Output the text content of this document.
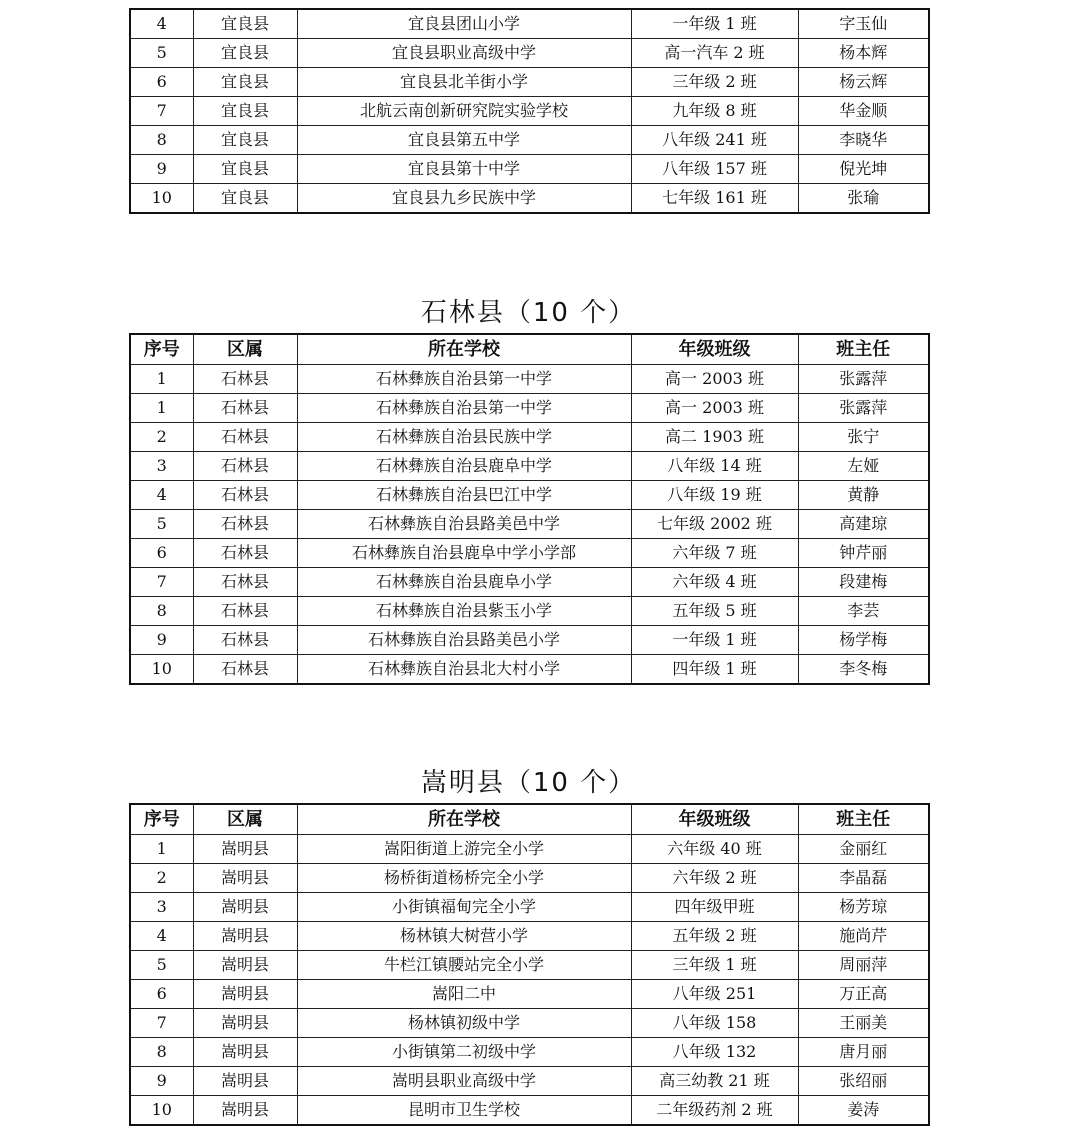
4	宜良县	宜良县团山小学	一年级 1 班	字玉仙
5	宜良县	宜良县职业高级中学	高一汽车 2 班	杨本辉
6	宜良县	宜良县北羊街小学	三年级 2 班	杨云辉
7	宜良县	北航云南创新研究院实验学校	九年级 8 班	华金顺
8	宜良县	宜良县第五中学	八年级 241 班	李晓华
9	宜良县	宜良县第十中学	八年级 157 班	倪光坤
10	宜良县	宜良县九乡民族中学	七年级 161 班	张瑜
石林县（10 个）
序号	区属	所在学校	年级班级	班主任
1	石林县	石林彝族自治县第一中学	高一 2003 班	张露萍
1	石林县	石林彝族自治县第一中学	高一 2003 班	张露萍
2	石林县	石林彝族自治县民族中学	高二 1903 班	张宁
3	石林县	石林彝族自治县鹿阜中学	八年级 14 班	左娅
4	石林县	石林彝族自治县巴江中学	八年级 19 班	黄静
5	石林县	石林彝族自治县路美邑中学	七年级 2002 班	高建琼
6	石林县	石林彝族自治县鹿阜中学小学部	六年级 7 班	钟芹丽
7	石林县	石林彝族自治县鹿阜小学	六年级 4 班	段建梅
8	石林县	石林彝族自治县紫玉小学	五年级 5 班	李芸
9	石林县	石林彝族自治县路美邑小学	一年级 1 班	杨学梅
10	石林县	石林彝族自治县北大村小学	四年级 1 班	李冬梅
嵩明县（10 个）
序号	区属	所在学校	年级班级	班主任
1	嵩明县	嵩阳街道上游完全小学	六年级 40 班	金丽红
2	嵩明县	杨桥街道杨桥完全小学	六年级 2 班	李晶磊
3	嵩明县	小街镇福甸完全小学	四年级甲班	杨芳琼
4	嵩明县	杨林镇大树营小学	五年级 2 班	施尚芹
5	嵩明县	牛栏江镇腰站完全小学	三年级 1 班	周丽萍
6	嵩明县	嵩阳二中	八年级 251	万正高
7	嵩明县	杨林镇初级中学	八年级 158	王丽美
8	嵩明县	小街镇第二初级中学	八年级 132	唐月丽
9	嵩明县	嵩明县职业高级中学	高三幼教 21 班	张绍丽
10	嵩明县	昆明市卫生学校	二年级药剂 2 班	姜涛
